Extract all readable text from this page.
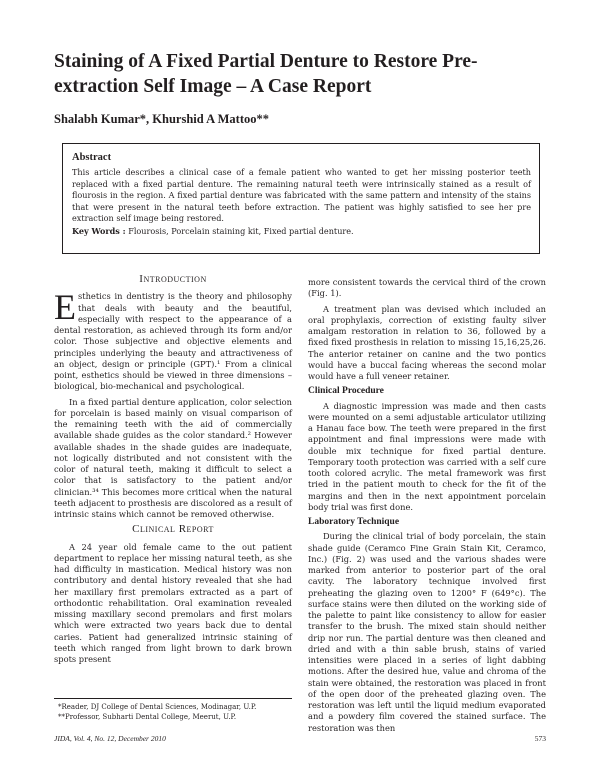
Staining of A Fixed Partial Denture to Restore Pre-extraction Self Image – A Case Report

Shalabh Kumar*, Khurshid A Mattoo**

Abstract

This article describes a clinical case of a female patient who wanted to get her missing posterior teeth replaced with a fixed partial denture. The remaining natural teeth were intrinsically stained as a result of flourosis in the region. A fixed partial denture was fabricated with the same pattern and intensity of the stains that were present in the natural teeth before extraction. The patient was highly satisfied to see her pre extraction self image being restored.

Key Words : Flourosis, Porcelain staining kit, Fixed partial denture.

Introduction

Esthetics in dentistry is the theory and philosophy that deals with beauty and the beautiful, especially with respect to the appearance of a dental restoration, as achieved through its form and/or color. Those subjective and objective elements and principles underlying the beauty and attractiveness of an object, design or principle (GPT).¹ From a clinical point, esthetics should be viewed in three dimensions – biological, bio-mechanical and psychological.

In a fixed partial denture application, color selection for porcelain is based mainly on visual comparison of the remaining teeth with the aid of commercially available shade guides as the color standard.² However available shades in the shade guides are inadequate, not logically distributed and not consistent with the color of natural teeth, making it difficult to select a color that is satisfactory to the patient and/or clinician.³⁴ This becomes more critical when the natural teeth adjacent to prosthesis are discolored as a result of intrinsic stains which cannot be removed otherwise.

Clinical Report

A 24 year old female came to the out patient department to replace her missing natural teeth, as she had difficulty in mastication. Medical history was non contributory and dental history revealed that she had her maxillary first premolars extracted as a part of orthodontic rehabilitation. Oral examination revealed missing maxillary second premolars and first molars which were extracted two years back due to dental caries. Patient had generalized intrinsic staining of teeth which ranged from light brown to dark brown spots present

more consistent towards the cervical third of the crown (Fig. 1).

A treatment plan was devised which included an oral prophylaxis, correction of existing faulty silver amalgam restoration in relation to 36, followed by a fixed fixed prosthesis in relation to missing 15,16,25,26. The anterior retainer on canine and the two pontics would have a buccal facing whereas the second molar would have a full veneer retainer.

Clinical Procedure

A diagnostic impression was made and then casts were mounted on a semi adjustable articulator utilizing a Hanau face bow. The teeth were prepared in the first appointment and final impressions were made with double mix technique for fixed partial denture. Temporary tooth protection was carried with a self cure tooth colored acrylic. The metal framework was first tried in the patient mouth to check for the fit of the margins and then in the next appointment porcelain body trial was first done.

Laboratory Technique

During the clinical trial of body porcelain, the stain shade guide (Ceramco Fine Grain Stain Kit, Ceramco, Inc.) (Fig. 2) was used and the various shades were marked from anterior to posterior part of the oral cavity. The laboratory technique involved first preheating the glazing oven to 1200° F (649°c). The surface stains were then diluted on the working side of the palette to paint like consistency to allow for easier transfer to the brush. The mixed stain should neither drip nor run. The partial denture was then cleaned and dried and with a thin sable brush, stains of varied intensities were placed in a series of light dabbing motions. After the desired hue, value and chroma of the stain were obtained, the restoration was placed in front of the open door of the preheated glazing oven. The restoration was left until the liquid medium evaporated and a powdery film covered the stained surface. The restoration was then

*Reader, DJ College of Dental Sciences, Modinagar, U.P.

**Professor, Subharti Dental College, Meerut, U.P.

JIDA, Vol. 4, No. 12, December 2010	573
